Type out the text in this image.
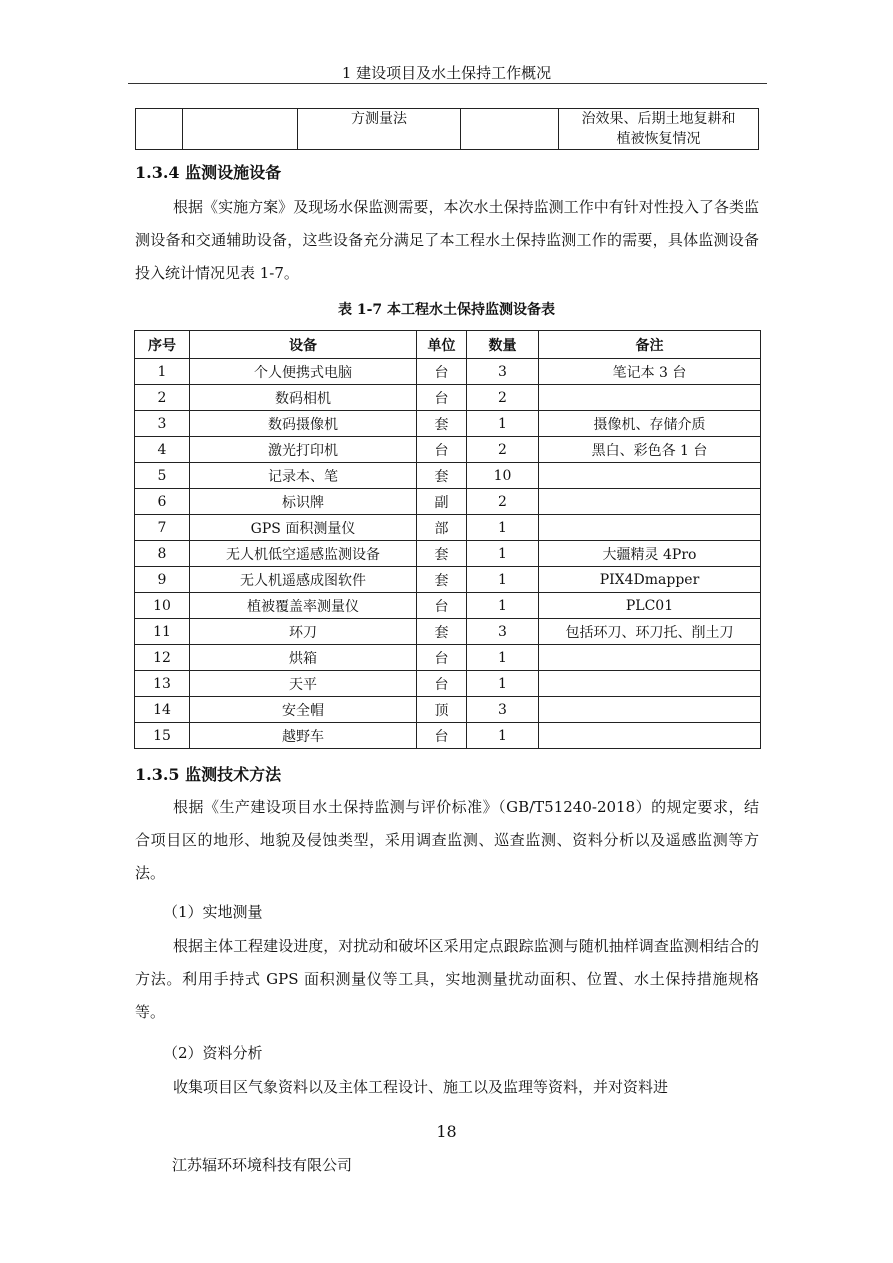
1 建设项目及水土保持工作概况
		方测量法		治效果、后期土地复耕和植被恢复情况
1.3.4 监测设施设备
根据《实施方案》及现场水保监测需要，本次水土保持监测工作中有针对性投入了各类监测设备和交通辅助设备，这些设备充分满足了本工程水土保持监测工作的需要，具体监测设备投入统计情况见表 1-7。
表 1-7 本工程水土保持监测设备表
序号	设备	单位	数量	备注
1	个人便携式电脑	台	3	笔记本 3 台
2	数码相机	台	2	
3	数码摄像机	套	1	摄像机、存储介质
4	激光打印机	台	2	黑白、彩色各 1 台
5	记录本、笔	套	10	
6	标识牌	副	2	
7	GPS 面积测量仪	部	1	
8	无人机低空遥感监测设备	套	1	大疆精灵 4Pro
9	无人机遥感成图软件	套	1	PIX4Dmapper
10	植被覆盖率测量仪	台	1	PLC01
11	环刀	套	3	包括环刀、环刀托、削土刀
12	烘箱	台	1	
13	天平	台	1	
14	安全帽	顶	3	
15	越野车	台	1	
1.3.5 监测技术方法
根据《生产建设项目水土保持监测与评价标准》（GB/T51240-2018）的规定要求，结合项目区的地形、地貌及侵蚀类型，采用调查监测、巡查监测、资料分析以及遥感监测等方法。
（1）实地测量
根据主体工程建设进度，对扰动和破坏区采用定点跟踪监测与随机抽样调查监测相结合的方法。利用手持式 GPS 面积测量仪等工具，实地测量扰动面积、位置、水土保持措施规格等。
（2）资料分析
收集项目区气象资料以及主体工程设计、施工以及监理等资料，并对资料进
18
江苏辐环环境科技有限公司
